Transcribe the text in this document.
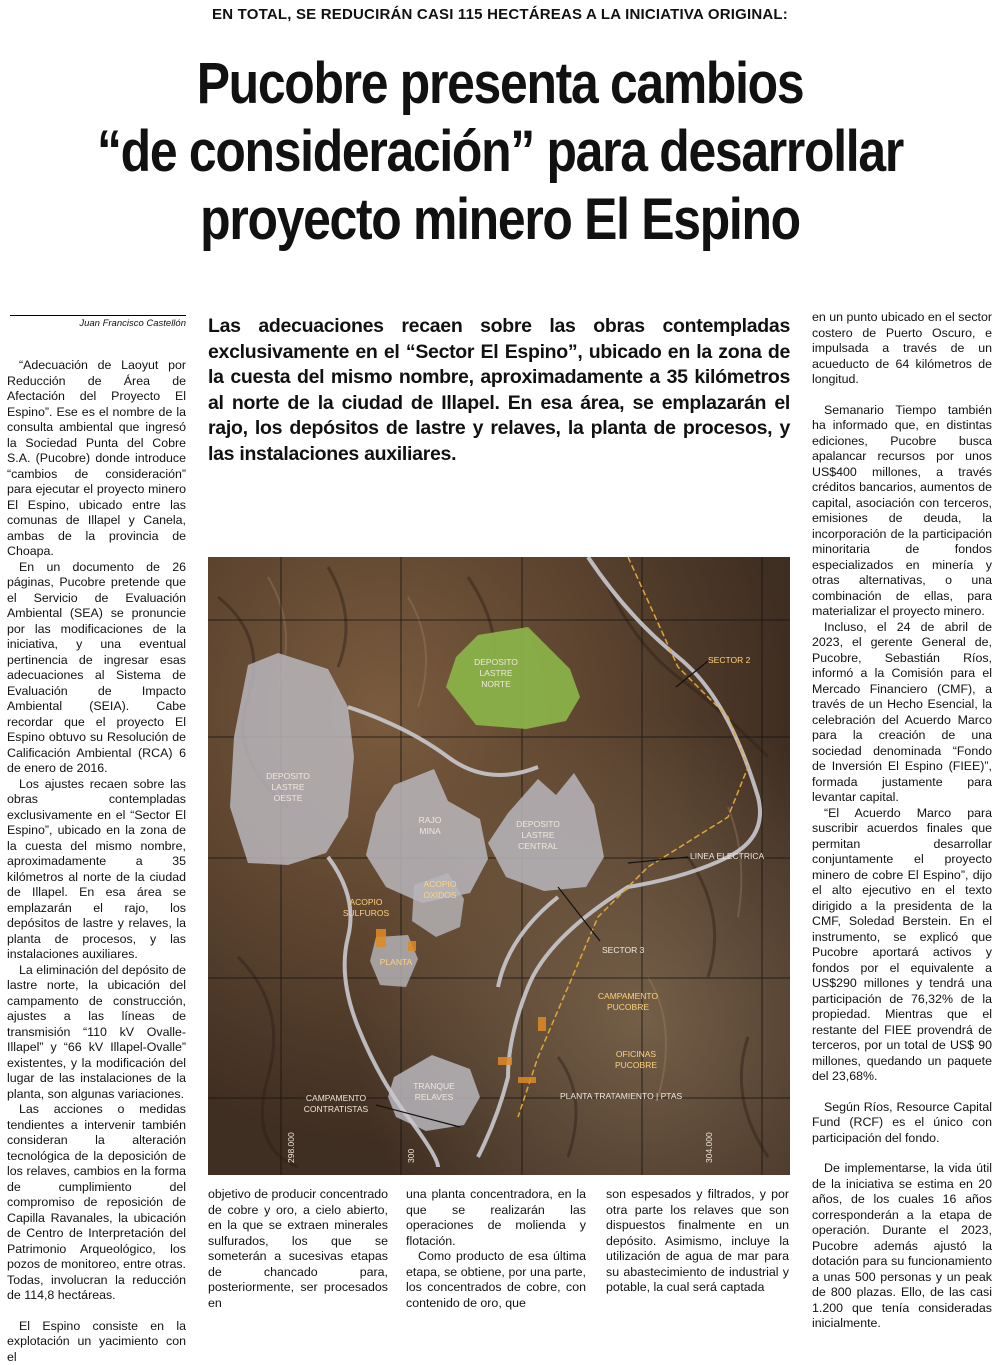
EN TOTAL, SE REDUCIRÁN CASI 115 HECTÁREAS A LA INICIATIVA ORIGINAL:
Pucobre presenta cambios
“de consideración” para desarrollar
proyecto minero El Espino
Juan Francisco Castellón

“Adecuación de Laoyut por Reducción de Área de Afectación del Proyecto El Espino”. Ese es el nombre de la consulta ambiental que ingresó la Sociedad Punta del Cobre S.A. (Pucobre) donde introduce “cambios de consideración” para ejecutar el proyecto minero El Espino, ubicado entre las comunas de Illapel y Canela, ambas de la provincia de Choapa.

En un documento de 26 páginas, Pucobre pretende que el Servicio de Evaluación Ambiental (SEA) se pronuncie por las modificaciones de la iniciativa, y una eventual pertinencia de ingresar esas adecuaciones al Sistema de Evaluación de Impacto Ambiental (SEIA). Cabe recordar que el proyecto El Espino obtuvo su Resolución de Calificación Ambiental (RCA) 6 de enero de 2016.

Los ajustes recaen sobre las obras contempladas exclusivamente en el “Sector El Espino”, ubicado en la zona de la cuesta del mismo nombre, aproximadamente a 35 kilómetros al norte de la ciudad de Illapel. En esa área se emplazarán el rajo, los depósitos de lastre y relaves, la planta de procesos, y las instalaciones auxiliares.

La eliminación del depósito de lastre norte, la ubicación del campamento de construcción, ajustes a las líneas de transmisión “110 kV Ovalle-Illapel” y “66 kV Illapel-Ovalle” existentes, y la modificación del lugar de las instalaciones de la planta, son algunas variaciones.

Las acciones o medidas tendientes a intervenir también consideran la alteración tecnológica de la deposición de los relaves, cambios en la forma de cumplimiento del compromiso de reposición de Capilla Ravanales, la ubicación de Centro de Interpretación del Patrimonio Arqueológico, los pozos de monitoreo, entre otras. Todas, involucran la reducción de 114,8 hectáreas.

El Espino consiste en la explotación un yacimiento con el

Las adecuaciones recaen sobre las obras contempladas exclusivamente en el “Sector El Espino”, ubicado en la zona de la cuesta del mismo nombre, aproximadamente a 35 kilómetros al norte de la ciudad de Illapel. En esa área, se emplazarán el rajo, los depósitos de lastre y relaves, la planta de procesos, y las instalaciones auxiliares.
DEPOSITO
LASTRE
NORTE
DEPOSITO
LASTRE
OESTE
RAJO
MINA
DEPOSITO
LASTRE
CENTRAL
SECTOR 2
LINEA ELECTRICA
SECTOR 3
ACOPIO
SULFUROS
ACOPIO
OXIDOS
PLANTA
CAMPAMENTO
PUCOBRE
OFICINAS
PUCOBRE
CAMPAMENTO
CONTRATISTAS
TRANQUE
RELAVES	PLANTA TRATAMIENTO | PTAS
298.000	300	304.000

objetivo de producir concentrado de cobre y oro, a cielo abierto, en la que se extraen minerales sulfurados, los que se someterán a sucesivas etapas de chancado para, posteriormente, ser procesados en

una planta concentradora, en la que se realizarán las operaciones de molienda y flotación.

Como producto de esa última etapa, se obtiene, por una parte, los concentrados de cobre, con contenido de oro, que

son espesados y filtrados, y por otra parte los relaves que son dispuestos finalmente en un depósito. Asimismo, incluye la utilización de agua de mar para su abastecimiento de industrial y potable, la cual será captada

en un punto ubicado en el sector costero de Puerto Oscuro, e impulsada a través de un acueducto de 64 kilómetros de longitud.

Semanario Tiempo también ha informado que, en distintas ediciones, Pucobre busca apalancar recursos por unos US$400 millones, a través créditos bancarios, aumentos de capital, asociación con terceros, emisiones de deuda, la incorporación de la participación minoritaria de fondos especializados en minería y otras alternativas, o una combinación de ellas, para materializar el proyecto minero.

Incluso, el 24 de abril de 2023, el gerente General de, Pucobre, Sebastián Ríos, informó a la Comisión para el Mercado Financiero (CMF), a través de un Hecho Esencial, la celebración del Acuerdo Marco para la creación de una sociedad denominada “Fondo de Inversión El Espino (FIEE)”, formada justamente para levantar capital.

“El Acuerdo Marco para suscribir acuerdos finales que permitan desarrollar conjuntamente el proyecto minero de cobre El Espino”, dijo el alto ejecutivo en el texto dirigido a la presidenta de la CMF, Soledad Berstein. En el instrumento, se explicó que Pucobre aportará activos y fondos por el equivalente a US$290 millones y tendrá una participación de 76,32% de la propiedad. Mientras que el restante del FIEE provendrá de terceros, por un total de US$ 90 millones, quedando un paquete del 23,68%.

Según Ríos, Resource Capital Fund (RCF) es el único con participación del fondo.

De implementarse, la vida útil de la iniciativa se estima en 20 años, de los cuales 16 años corresponderán a la etapa de operación. Durante el 2023, Pucobre además ajustó la dotación para su funcionamiento a unas 500 personas y un peak de 800 plazas. Ello, de las casi 1.200 que tenía consideradas inicialmente.
